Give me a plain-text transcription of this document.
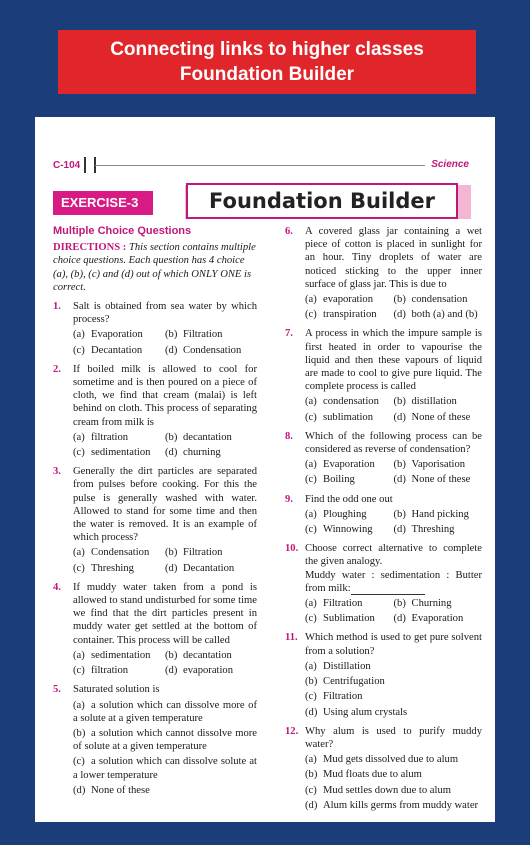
Connecting links to higher classes
Foundation Builder
C-104	Science
EXERCISE-3	Foundation Builder
Multiple Choice Questions
DIRECTIONS : This section contains multiple choice questions. Each question has 4 choice (a), (b), (c) and (d) out of which ONLY ONE is correct.
1. Salt is obtained from sea water by which process?
(a) Evaporation	(b) Filtration
(c) Decantation	(d) Condensation
2. If boiled milk is allowed to cool for sometime and is then poured on a piece of cloth, we find that cream (malai) is left behind on cloth. This process of separating cream from milk is
(a) filtration	(b) decantation
(c) sedimentation	(d) churning
3. Generally the dirt particles are separated from pulses before cooking. For this the pulse is generally washed with water. Allowed to stand for some time and then the water is removed. It is an example of which process?
(a) Condensation	(b) Filtration
(c) Threshing	(d) Decantation
4. If muddy water taken from a pond is allowed to stand undisturbed for some time we find that the dirt particles present in muddy water get settled at the bottom of container. This process will be called
(a) sedimentation	(b) decantation
(c) filtration	(d) evaporation
5. Saturated solution is
(a) a solution which can dissolve more of a solute at a given temperature
(b) a solution which cannot dissolve more of solute at a given temperature
(c) a solution which can dissolve solute at a lower temperature
(d) None of these
6. A covered glass jar containing a wet piece of cotton is placed in sunlight for an hour. Tiny droplets of water are noticed sticking to the upper inner surface of glass jar. This is due to
(a) evaporation	(b) condensation
(c) transpiration	(d) both (a) and (b)
7. A process in which the impure sample is first heated in order to vapourise the liquid and then these vapours of liquid are made to cool to give pure liquid. The complete process is called
(a) condensation	(b) distillation
(c) sublimation	(d) None of these
8. Which of the following process can be considered as reverse of condensation?
(a) Evaporation	(b) Vaporisation
(c) Boiling	(d) None of these
9. Find the odd one out
(a) Ploughing	(b) Hand picking
(c) Winnowing	(d) Threshing
10. Choose correct alternative to complete the given analogy.
Muddy water : sedimentation : Butter from milk:
(a) Filtration	(b) Churning
(c) Sublimation	(d) Evaporation
11. Which method is used to get pure solvent from a solution?
(a) Distillation
(b) Centrifugation
(c) Filtration
(d) Using alum crystals
12. Why alum is used to purify muddy water?
(a) Mud gets dissolved due to alum
(b) Mud floats due to alum
(c) Mud settles down due to alum
(d) Alum kills germs from muddy water
